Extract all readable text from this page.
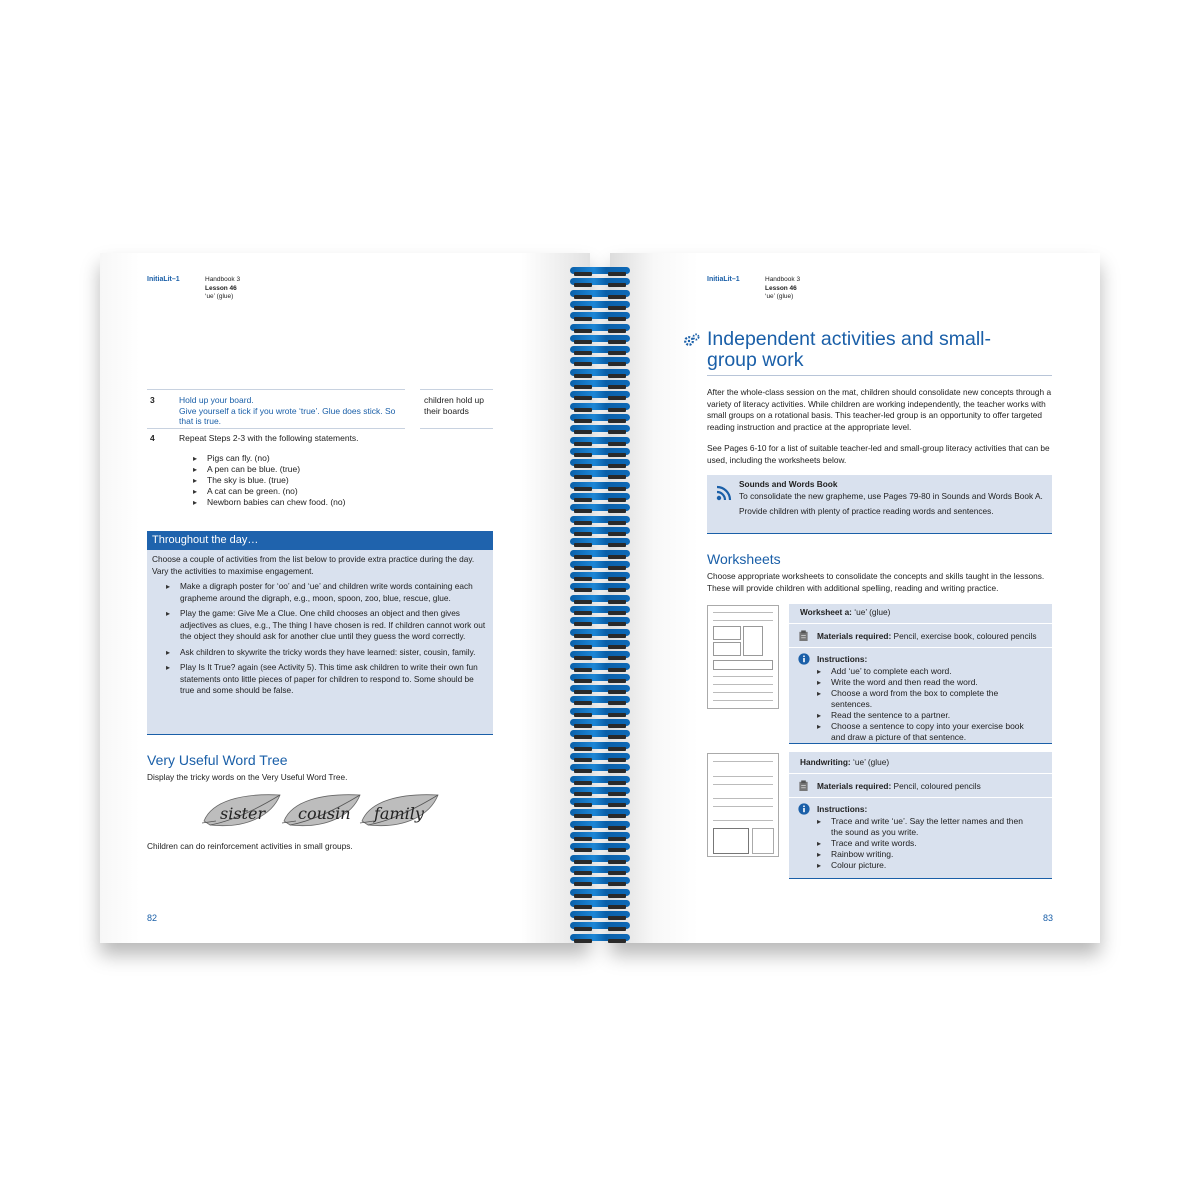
InitiaLit–1	Handbook 3
Lesson 46
‘ue’ (glue)
3	Hold up your board.
Give yourself a tick if you wrote ‘true’. Glue does stick. So that is true.
children hold up their boards
4	Repeat Steps 2-3 with the following statements.
▸ Pigs can fly. (no)
▸ A pen can be blue. (true)
▸ The sky is blue. (true)
▸ A cat can be green. (no)
▸ Newborn babies can chew food. (no)
Throughout the day…
Choose a couple of activities from the list below to provide extra practice during the day. Vary the activities to maximise engagement.
▸ Make a digraph poster for ‘oo’ and ‘ue’ and children write words containing each grapheme around the digraph, e.g., moon, spoon, zoo, blue, rescue, glue.
▸ Play the game: Give Me a Clue. One child chooses an object and then gives adjectives as clues, e.g., The thing I have chosen is red. If children cannot work out the object they should ask for another clue until they guess the word correctly.
▸ Ask children to skywrite the tricky words they have learned: sister, cousin, family.
▸ Play Is It True? again (see Activity 5). This time ask children to write their own fun statements onto little pieces of paper for children to respond to. Some should be true and some should be false.
Very Useful Word Tree
Display the tricky words on the Very Useful Word Tree.
sister cousin family
Children can do reinforcement activities in small groups.
82
InitiaLit–1	Handbook 3
Lesson 46
‘ue’ (glue)
Independent activities and small-group work
After the whole-class session on the mat, children should consolidate new concepts through a variety of literacy activities. While children are working independently, the teacher works with small groups on a rotational basis. This teacher-led group is an opportunity to offer targeted reading instruction and practice at the appropriate level.
See Pages 6-10 for a list of suitable teacher-led and small-group literacy activities that can be used, including the worksheets below.
Sounds and Words Book
To consolidate the new grapheme, use Pages 79-80 in Sounds and Words Book A.
Provide children with plenty of practice reading words and sentences.
Worksheets
Choose appropriate worksheets to consolidate the concepts and skills taught in the lessons. These will provide children with additional spelling, reading and writing practice.
Worksheet a: ‘ue’ (glue)
Materials required: Pencil, exercise book, coloured pencils
Instructions:
▸ Add ‘ue’ to complete each word.
▸ Write the word and then read the word.
▸ Choose a word from the box to complete the sentences.
▸ Read the sentence to a partner.
▸ Choose a sentence to copy into your exercise book and draw a picture of that sentence.
Handwriting: ‘ue’ (glue)
Materials required: Pencil, coloured pencils
Instructions:
▸ Trace and write ‘ue’. Say the letter names and then the sound as you write.
▸ Trace and write words.
▸ Rainbow writing.
▸ Colour picture.
83
